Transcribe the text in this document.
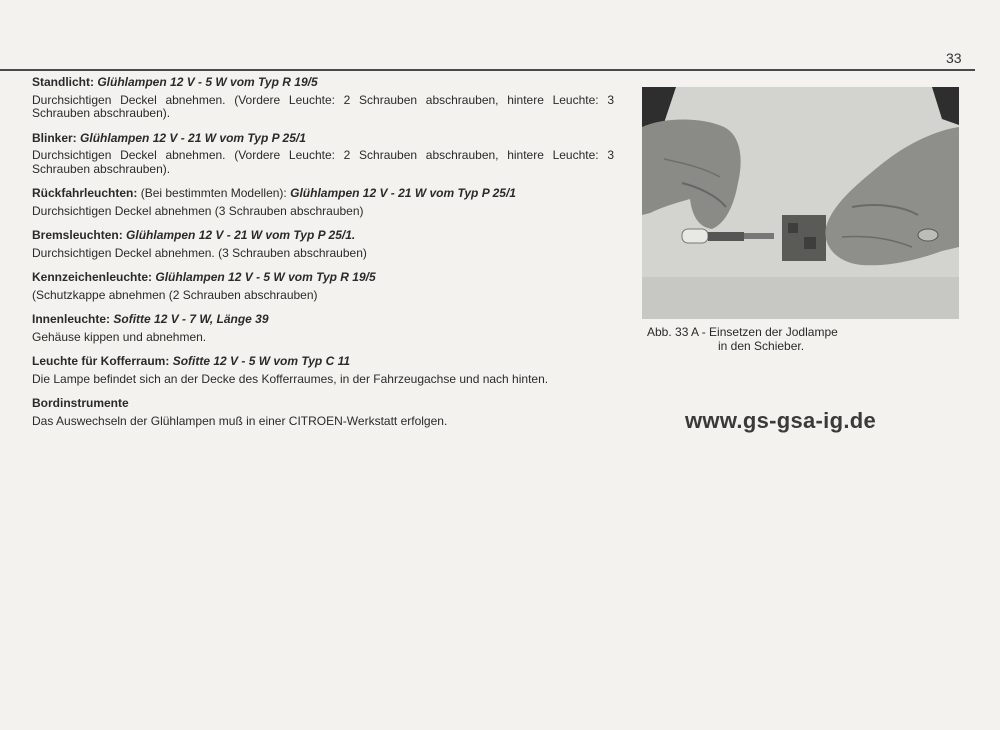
33
Standlicht: Glühlampen 12 V - 5 W vom Typ R 19/5
Durchsichtigen Deckel abnehmen. (Vordere Leuchte: 2 Schrauben abschrauben, hintere Leuchte: 3 Schrauben abschrauben).
Blinker: Glühlampen 12 V - 21 W vom Typ P 25/1
Durchsichtigen Deckel abnehmen. (Vordere Leuchte: 2 Schrauben abschrauben, hintere Leuchte: 3 Schrauben abschrauben).
Rückfahrleuchten: (Bei bestimmten Modellen): Glühlampen 12 V - 21 W vom Typ P 25/1
Durchsichtigen Deckel abnehmen (3 Schrauben abschrauben)
Bremsleuchten: Glühlampen 12 V - 21 W vom Typ P 25/1.
Durchsichtigen Deckel abnehmen. (3 Schrauben abschrauben)
Kennzeichenleuchte: Glühlampen 12 V - 5 W vom Typ R 19/5
(Schutzkappe abnehmen (2 Schrauben abschrauben)
Innenleuchte: Sofitte 12 V - 7 W, Länge 39
Gehäuse kippen und abnehmen.
Leuchte für Kofferraum: Sofitte 12 V - 5 W vom Typ C 11
Die Lampe befindet sich an der Decke des Kofferraumes, in der Fahrzeugachse und nach hinten.
Bordinstrumente
Das Auswechseln der Glühlampen muß in einer CITROEN-Werkstatt erfolgen.
Abb. 33 A - Einsetzen der Jodlampe
in den Schieber.
www.gs-gsa-ig.de
